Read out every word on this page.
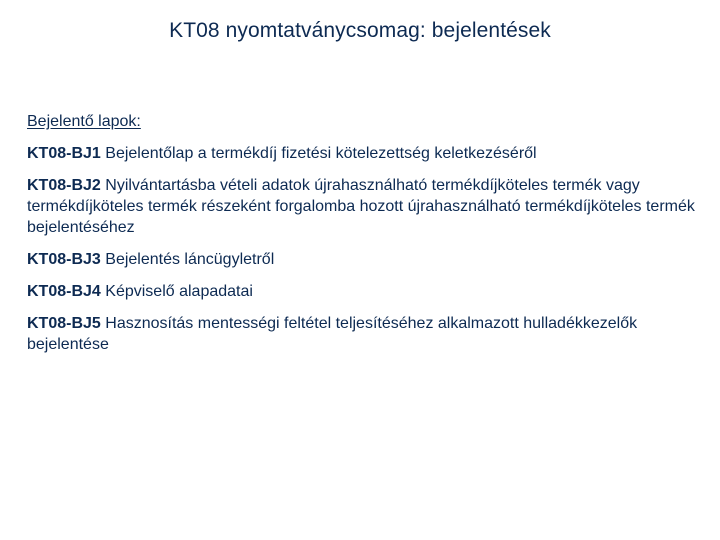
KT08 nyomtatványcsomag: bejelentések
Bejelentő lapok:
KT08-BJ1 Bejelentőlap a termékdíj fizetési kötelezettség keletkezéséről
KT08-BJ2 Nyilvántartásba vételi adatok újrahasználható termékdíjköteles termék vagy termékdíjköteles termék részeként forgalomba hozott újrahasználható termékdíjköteles termék bejelentéséhez
KT08-BJ3 Bejelentés láncügyletről
KT08-BJ4 Képviselő alapadatai
KT08-BJ5 Hasznosítás mentességi feltétel teljesítéséhez alkalmazott hulladékkezelők bejelentése
